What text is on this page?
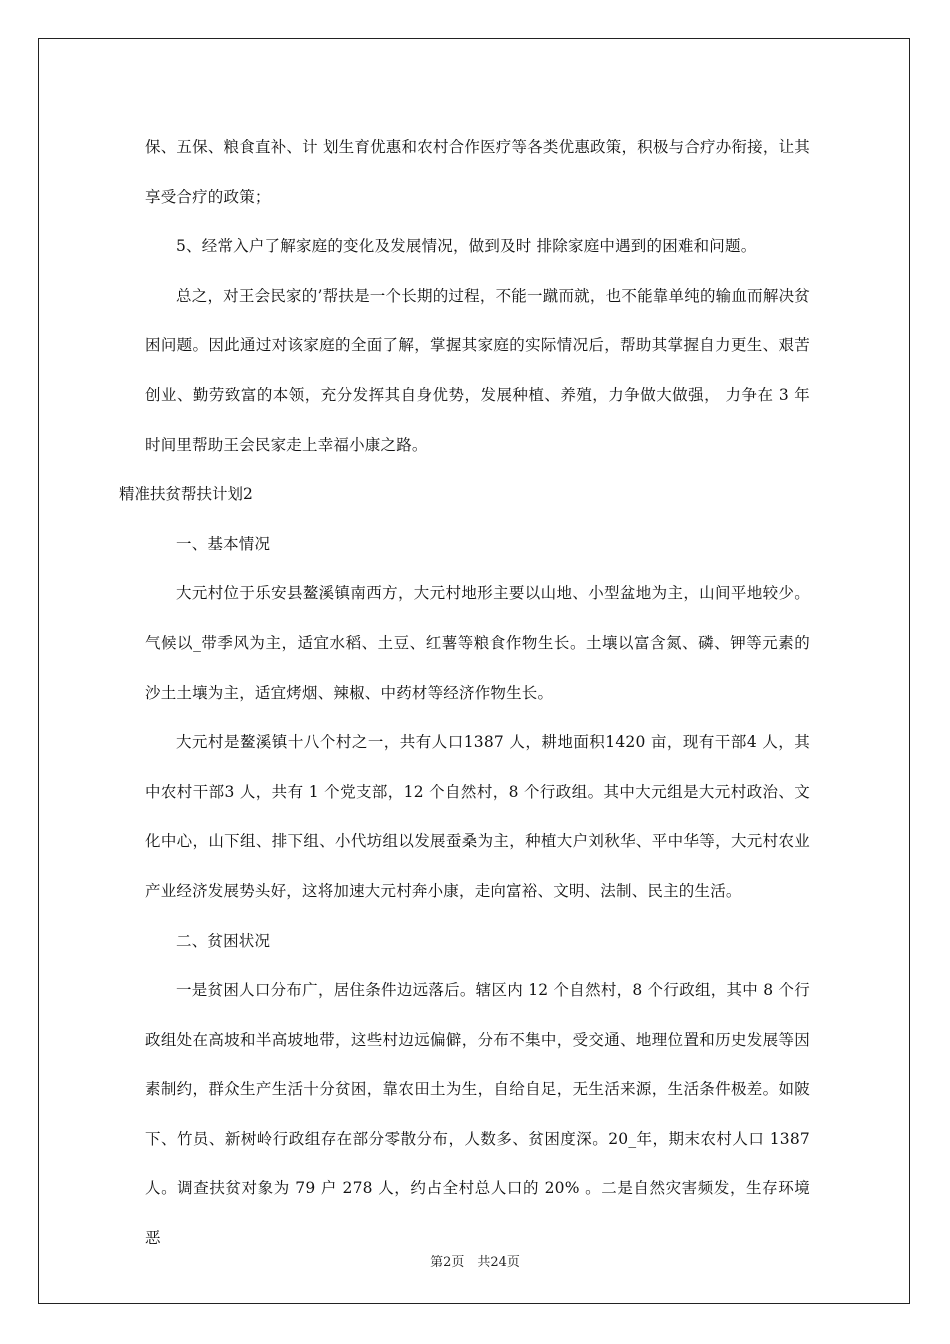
保、五保、粮食直补、计 划生育优惠和农村合作医疗等各类优惠政策，积极与合疗办衔接，让其享受合疗的政策；

5、经常入户了解家庭的变化及发展情况，做到及时 排除家庭中遇到的困难和问题。

总之，对王会民家的’帮扶是一个长期的过程，不能一蹴而就，也不能靠单纯的输血而解决贫困问题。因此通过对该家庭的全面了解，掌握其家庭的实际情况后，帮助其掌握自力更生、艰苦创业、勤劳致富的本领，充分发挥其自身优势，发展种植、养殖，力争做大做强， 力争在 3 年时间里帮助王会民家走上幸福小康之路。

精准扶贫帮扶计划2

一、基本情况

大元村位于乐安县鳌溪镇南西方，大元村地形主要以山地、小型盆地为主，山间平地较少。气候以_带季风为主，适宜水稻、土豆、红薯等粮食作物生长。土壤以富含氮、磷、钾等元素的沙土土壤为主，适宜烤烟、辣椒、中药材等经济作物生长。

大元村是鳌溪镇十八个村之一，共有人口1387 人，耕地面积1420 亩，现有干部4 人，其中农村干部3 人，共有 1 个党支部，12 个自然村，8 个行政组。其中大元组是大元村政治、文化中心，山下组、排下组、小代坊组以发展蚕桑为主，种植大户刘秋华、平中华等，大元村农业产业经济发展势头好，这将加速大元村奔小康，走向富裕、文明、法制、民主的生活。

二、贫困状况

一是贫困人口分布广，居住条件边远落后。辖区内 12 个自然村，8 个行政组，其中 8 个行政组处在高坡和半高坡地带，这些村边远偏僻，分布不集中，受交通、地理位置和历史发展等因素制约，群众生产生活十分贫困，靠农田土为生，自给自足，无生活来源，生活条件极差。如陂下、竹员、新树岭行政组存在部分零散分布，人数多、贫困度深。20_年，期末农村人口 1387 人。调查扶贫对象为 79 户 278 人，约占全村总人口的 20% 。二是自然灾害频发，生存环境恶

第2页　共24页
